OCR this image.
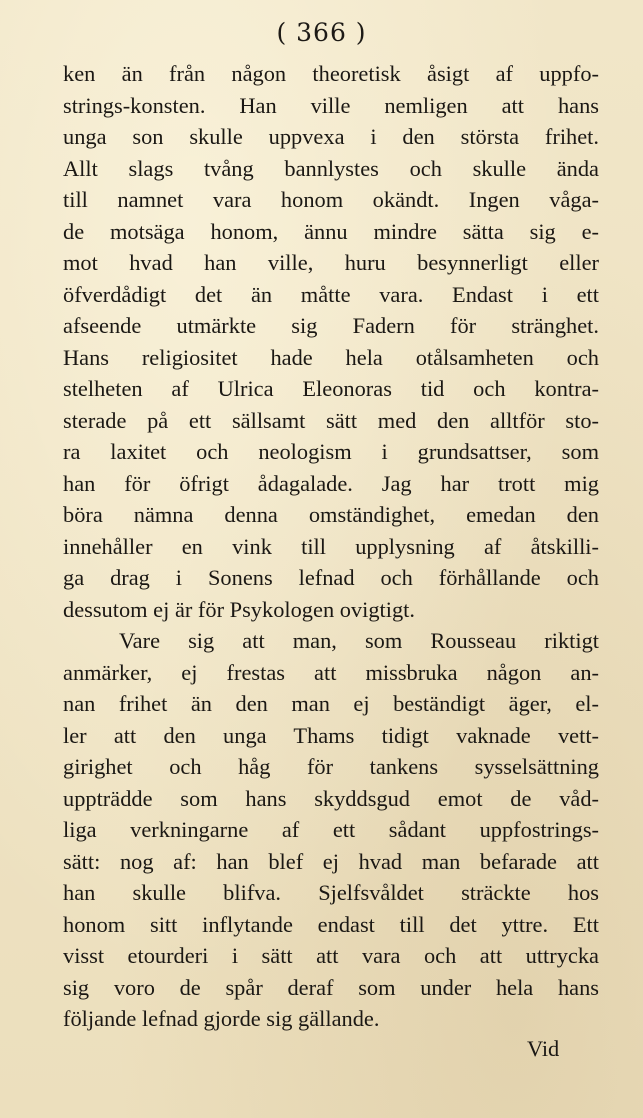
( 366 )
ken än från någon theoretisk åsigt af uppfo-
strings-konsten. Han ville nemligen att hans
unga son skulle uppvexa i den största frihet.
Allt slags tvång bannlystes och skulle ända
till namnet vara honom okändt. Ingen våga-
de motsäga honom, ännu mindre sätta sig e-
mot hvad han ville, huru besynnerligt eller
öfverdådigt det än måtte vara. Endast i ett
afseende utmärkte sig Fadern för stränghet.
Hans religiositet hade hela otålsamheten och
stelheten af Ulrica Eleonoras tid och kontra-
sterade på ett sällsamt sätt med den alltför sto-
ra laxitet och neologism i grundsattser, som
han för öfrigt ådagalade. Jag har trott mig
böra nämna denna omständighet, emedan den
innehåller en vink till upplysning af åtskilli-
ga drag i Sonens lefnad och förhållande och
dessutom ej är för Psykologen ovigtigt.
Vare sig att man, som Rousseau riktigt
anmärker, ej frestas att missbruka någon an-
nan frihet än den man ej beständigt äger, el-
ler att den unga Thams tidigt vaknade vett-
girighet och håg för tankens sysselsättning
uppträdde som hans skyddsgud emot de våd-
liga verkningarne af ett sådant uppfostrings-
sätt: nog af: han blef ej hvad man befarade att
han skulle blifva. Sjelfsvåldet sträckte hos
honom sitt inflytande endast till det yttre. Ett
visst etourderi i sätt att vara och att uttrycka
sig voro de spår deraf som under hela hans
följande lefnad gjorde sig gällande.
Vid
